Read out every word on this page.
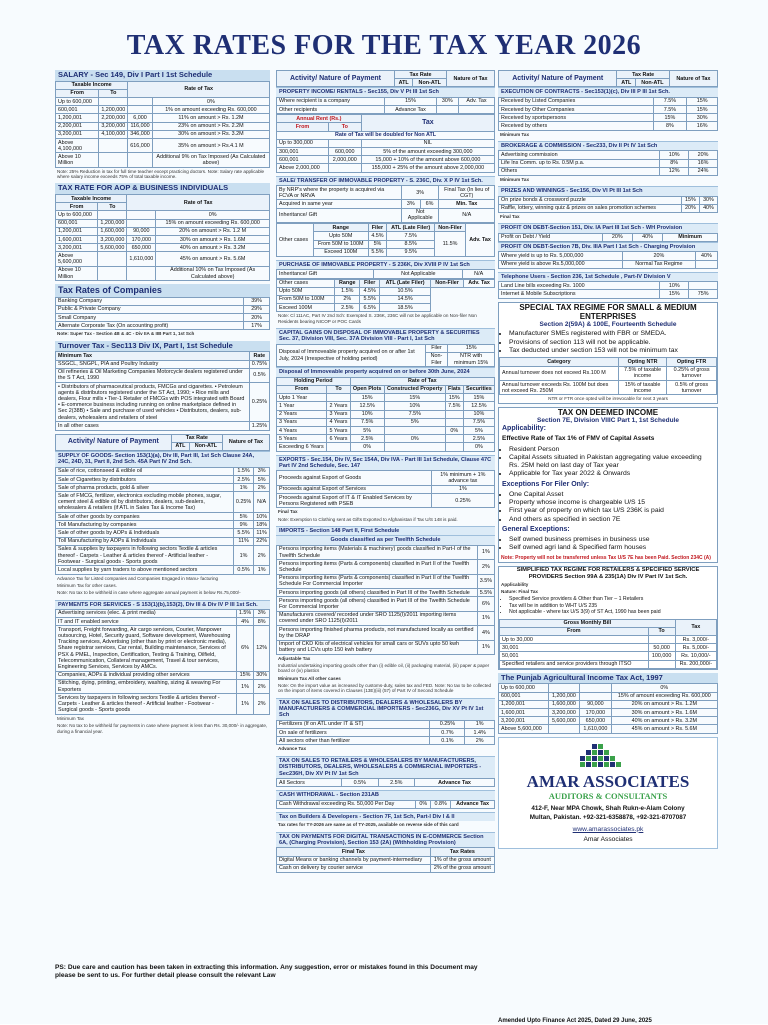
TAX RATES FOR THE TAX YEAR 2026
SALARY - Sec 149, Div I Part I 1st Schedule
Taxable Income		Rate of Tax	
From	To		
Up to 600,000			0%
600,001	1,200,000		1% on amount exceeding Rs. 600,000
1,200,001	2,200,000	6,000	11% on amount > Rs. 1.2M
2,200,001	3,200,000	116,000	23% on amount > Rs. 2.2M
3,200,001	4,100,000	346,000	30% on amount > Rs. 3.2M
Above 4,100,000		616,000	35% on amount > Rs.4.1 M
Above 10 Million			Additional 9% on Tax Imposed (As Calculated above)
Note: 25% Reduction in tax for full time teacher except practicing doctors. Note: Salary rate applicable where salary income exceeds 75% of total taxable income.
TAX RATE FOR AOP & BUSINESS INDIVIDUALS
Taxable Income		Rate of Tax	
From	To		
Up to 600,000			0%
600,001	1,200,000		15% on amount exceeding Rs. 600,000
1,200,001	1,600,000	90,000	20% on amount > Rs. 1.2 M
1,600,001	3,200,000	170,000	30% on amount > Rs. 1.6M
3,200,001	5,600,000	650,000	40% on amount > Rs. 3.2M
Above 5,600,000		1,610,000	45% on amount > Rs. 5.6M
Above 10 Million			Additional 10% on Tax Imposed (As Calculated above)
Tax Rates of Companies
Banking Company	39%
Public & Private Company	29%
Small Company	20%
Alternate Corporate Tax (On accounting profit)	17%
Note: Super Tax - Section 4B & 4C - Div IIA & IIB Part 1, 1st Sch
Turnover Tax - Sec113 Div IX, Part I, 1st Schedule
Minimum Tax	Rate
SSGCL, SNGPL, PIA and Poultry Industry	0.75%
Oil refineries & Oil Marketing Companies Motorcycle dealers registered under the S T Act, 1990	0.5%
• Distributors of pharmaceutical products, FMCGs and cigarettes. • Petroleum agents & distributors registered under the ST Act, 1990; • Rice mills and dealers, Flour mills • Tier-1 Retailer of FMCGs with POS integrated with Board • E-commerce business including running on online marketplace defined in Sec 2(38B) • Sale and purchase of used vehicles • Distributors, dealers, sub-dealers, wholesalers and retailers of steel	0.25%
In all other cases	1.25%
Activity/ Nature of Payment	Tax Rate		Nature of Tax
	ATL	Non-ATL	
SUPPLY OF GOODS- Section 153(1)(a), Div III, Part III, 1st Sch Clause 24A, 24C, 24D, 31, Part II, 2nd Sch. 45A Part IV 2nd Sch.
Sale of rice, cottonseed & edible oil	1.5%	3%
Sale of Cigarettes by distributors	2.5%	5%
Sale of pharma products, gold & silver	1%	2%
Sale of FMCG, fertilizer, electronics excluding mobile phones, sugar, cement steel & edible oil by distributors, dealers, sub-dealers, wholesalers & retailers (if ATL in Sales Tax & Income Tax)	0.25%	N/A
Sale of other goods by companies	5%	10%
Toll Manufacturing by companies	9%	18%
Sale of other goods by AOPs & Individuals	5.5%	11%
Toll Manufacturing by AOPs & Individuals	11%	22%
Sales & supplies by taxpayers in following sectors Textile & articles thereof - Carpets - Leather & articles thereof - Artificial leather - Footwear - Surgical goods - Sports goods	1%	2%
Local supplies by yarn traders to above mentioned sectors	0.5%	1%
Advance Tax for Listed companies and Companies Engaged in Manu- facturing
Minimum Tax for other cases.
Note: No tax to be withheld in case where aggregate annual payment is below Rs.75,000/-
PAYMENTS FOR SERVICES - S 153(1)(b),153(2), Div III & Div IV P III 1st Sch.
Advertising services (elec. & print media)	1.5%	3%
IT and IT enabled service	4%	8%
Transport, Freight forwarding, Air cargo services, Courier, Manpower outsourcing, Hotel, Security guard, Software development, Warehousing Tracking services, Advertising (other than by print or electronic media), Share registrar services, Car rental, Building maintenance, Services of PSX & PMEL, Inspection, Certification, Testing & Training, Oilfield, Telecommunication, Collateral management, Travel & tour services, Engineering Services, Services by AMCs.	6%	12%
Companies, AOPs & individual providing other services	15%	30%
Stitching, dying, printing, embroidery, washing, sizing & weaving For Exporters	1%	2%
Services by taxpayers in following sectors Textile & articles thereof - Carpets - Leather & articles thereof - Artificial leather - Footwear - Surgical goods - Sports goods	1%	2%
Minimum Tax
Note: No tax to be withheld for payments in case where payment is less than Rs. 30,000/- in aggregate, during a financial year.
Activity/ Nature of Payment	Tax Rate		Nature of Tax
	ATL	Non-ATL	
PROPERTY INCOME/ RENTALS - Sec155, Div V Pt III 1st Sch
Where recipient is a company	15%	30%	Adv. Tax
Other recipients	Advance Tax		
Annual Rent (Rs.)		Tax
From	To	
Rate of Tax will be doubled for Non ATL		
Up to 300,000		NIL
300,001	600,000	5% of the amount exceeding 300,000
600,001	2,000,000	15,000 + 10% of the amount above 600,000
Above 2,000,000		155,000 + 25% of the amount above 2,000,000
SALE/ TRANSFER OF IMMOVABLE PROPERTY - S. 236C, Div. X P IV 1st Sch.
By NRP's where the property is acquired via FCVA or NRVA	3%		Final Tax (In lieu of CGT)
Acquired in same year	3%	6%	Min. Tax
Inheritance/ Gift	Not Applicable		N/A
Other cases	Range	Filer	ATL (Late Filer)	Non-Filer	Adv. Tax
	Upto 50M	4.5%	7.5%	11.5%	
	From 50M to 100M	5%	8.5%		
	Exceed 100M	5.5%	9.5%		
PURCHASE OF IMMOVABLE PROPERTY - S 236K, Div XVIII P IV 1st Sch
Inheritance/ Gift	Not Applicable	N/A
Other cases	Range	Filer	ATL (Late Filer)	Non-Filer	Adv. Tax
Upto 50M	1.5%	4.5%	10.5%		
From 50M to 100M	2%	5.5%	14.5%		
Exceed 100M	2.5%	6.5%	18.5%		
Note: Cl 111AC, Part IV 2nd Sch: Exempted S. 236K, 236C will not be applicable on Non-filer Non Residents bearing NICOP or POC Cards
CAPITAL GAINS ON DISPOSAL OF IMMOVABLE PROPERTY & SECURITIES Sec. 37, Division VIII, Sec. 37A Division VIII - Part I, 1st Sch
Disposal of Immoveable property acquired on or after 1st July, 2024 (Irrespective of holding period)	Filer	15%
	Non-Filer	NTR with minimum 15%
Disposal of Immoveable property acquired on or before 30th June, 2024
Holding Period		Rate of Tax			
From	To	Open Plots	Constructed Property	Flats	Securities
Upto 1 Year		15%	15%	15%	15%
1 Year	2 Years	12.5%	10%	7.5%	12.5%
2 Years	3 Years	10%	7.5%		10%
3 Years	4 Years	7.5%	5%		7.5%
4 Years	5 Years	5%		0%	5%
5 Years	6 Years	2.5%	0%		2.5%
Exceeding 6 Years		0%			0%
EXPORTS - Sec.154, Div IV, Sec 154A, Div IVA - Part III 1st Schedule, Clause 47C Part IV 2nd Schedule, Sec. 147
Proceeds against Export of Goods	1% minimum + 1% advance tax
Proceeds against Export of Services	1%
Proceeds against Export of IT & IT Enabled Services by Persons Registered with PSEB	0.25%
Final Tax
Note: Exemption to Clothing sent as Gifts Exported to Afghanistan if Tax U/S 148 is paid.
IMPORTS - Section 148 Part II, First Schedule
Goods classified as per Twelfth Schedule
Persons importing items (Materials & machinery) goods classified in Part-I of the Twelfth Schedule	1%
Persons importing items (Parts & components) classified in Part II of the Twelfth Schedule	2%
Persons importing items (Parts & components) classified in Part II of the Twelfth Schedule For Commercial Importer	3.5%
Persons importing goods (all others) classified in Part III of the Twelfth Schedule	5.5%
Persons importing goods (all others) classified in Part III of the Twelfth Schedule For Commercial Importer	6%
Manufacturers covered/ recorded under SRO 1125(I)/2011 importing items covered under SRO 1125(I)/2011	1%
Persons importing finished pharma products, not manufactured locally as certified by the DRAP	4%
Import of CKD Kits of electrical vehicles for small cars or SUVs upto 50 kwh battery and LCVs upto 150 kwh battery	1%
Adjustable Tax
Industrial undertaking importing goods other than (i) edible oil, (ii) packaging material, (iii) paper & paper board or (iv) plastics
Minimum Tax All other cases
Note: On the import value as increased by customs-duty, sales tax and FED. Note: No tax to be collected on the import of items covered in Clauses (13E)(iii) (57) of Part IV of Second Schedule
TAX ON SALES TO DISTRIBUTORS, DEALERS & WHOLESALERS BY MANUFACTURERS & COMMERCIAL IMPORTERS - Sec236G, Div XV Pt IV 1st Sch
Fertilizers (If on ATL under IT & ST)	0.25%	1%
On sale of fertilizers	0.7%	1.4%
All sectors other than fertilizer	0.1%	2%
Advance Tax
TAX ON SALES TO RETAILERS & WHOLESALERS BY MANUFACTURERS, DISTRIBUTORS, DEALERS, WHOLESALERS & COMMERCIAL IMPORTERS - Sec236H, Div XV Pt IV 1st Sch
All Sectors	0.5%	2.5%	Advance Tax
CASH WITHDRAWAL - Section 231AB
Cash Withdrawal exceeding Rs. 50,000 Per Day	0%	0.8%	Advance Tax
Tax on Builders & Developers - Section 7F, 1st Sch, Part-I Div I & II
Tax rates for TY-2026 are same as of TY-2025, available on reverse side of this card
TAX ON PAYMENTS FOR DIGITAL TRANSACTIONS IN E-COMMERCE Section 6A, (Charging Provision), Section 153 (2A) (Withholding Provision)
Final Tax	Tax Rates
Digital Means or banking channels by payment-intermediary	1% of the gross amount
Cash on delivery by courier service	2% of the gross amount
Activity/ Nature of Payment	Tax Rate		Nature of Tax
	ATL	Non-ATL	
EXECUTION OF CONTRACTS - Sec153(1)(c), Div III P III 1st Sch.
Received by Listed Companies	7.5%	15%
Received by Other Companies	7.5%	15%
Received by sportspersons	15%	30%
Received by others	8%	16%
Minimum Tax
BROKERAGE & COMMISSION - Sec233, Div II Pt IV 1st Sch
Advertising commission	10%	20%
Life Ins Comm. up to Rs. 0.5M p.a.	8%	16%
Others	12%	24%
Minimum Tax
PRIZES AND WINNINGS - Sec156, Div VI Pt III 1st Sch
On prize bonds & crossword puzzle	15%	30%
Raffle, lottery, winning quiz & prizes on sales promotion schemes	20%	40%
Final Tax
PROFIT ON DEBT-Section 151, Div. IA Part III 1st Sch - WH Provision
Profit on Debt / Yield	20%	40%	Minimum
PROFIT ON DEBT-Section 7B, Div. IIIA Part I 1st Sch - Charging Provision
Where yield is up to Rs. 5,000,000	20%	40%
Where yield is above Rs.5,000,000	Normal Tax Regime	
Telephone Users - Section 236, 1st Schedule , Part-IV Division V
Land Line bills exceeding Rs. 1000	10%	
Internet & Mobile Subscriptions	15%	75%
SPECIAL TAX REGIME FOR SMALL & MEDIUM ENTERPRISES
Section 2(59A) & 100E, Fourteenth Schedule
• Manufacturer SMEs registered with FBR or SMEDA.
• Provisions of section 113 will not be applicable.
• Tax deducted under section 153 will not be minimum tax
Category	Opting NTR	Opting FTR
Annual turnover does not exceed Rs.100 M	7.5% of taxable income	0.25% of gross turnover
Annual turnover exceeds Rs. 100M but does not exceed Rs. 250M	15% of taxable income	0.5% of gross turnover
NTR or FTR once opted will be irrevocable for next 3 years
TAX ON DEEMED INCOME
Section 7E, Division VIIIC Part 1, 1st Schedule
Applicability:
Effective Rate of Tax 1% of FMV of Capital Assets
• Resident Person
• Capital Assets situated in Pakistan aggregating value exceeding Rs. 25M held on last day of Tax year
• Applicable for Tax year 2022 & Onwards
Exceptions For Filer Only:
• One Capital Asset
• Property whose income is chargeable U/S 15
• First year of property on which tax U/S 236K is paid
• And others as specified in section 7E
General Exceptions:
• Self owned business premises in business use
• Self owned agri land & Specified farm houses
Note: Property will not be transferred unless Tax U/S 7E has been Paid. Section 234C (A)
SIMPLIFIED TAX REGIME FOR RETAILERS & SPECIFIED SERVICE PROVIDERS Section 99A & 235(1A) Div IV Part IV 1st Sch.
Applicability
Nature: Final Tax
• Specified Service providers & Other than Tier – 1 Retailers
• Tax will be in addition to WHT U/S 235
• Not applicable - where tax U/S 3(9) of ST Act, 1990 has been paid
Gross Monthly Bill		Tax
From	To	
Up to 30,000		Rs. 3,000/-
30,001	50,000	Rs. 5,000/-
50,001	100,000	Rs. 10,000/-
Specified retailers and service providers through ITSO		Rs. 200,000/-
The Punjab Agricultural Income Tax Act, 1997
Up to 600,000			0%
600,001	1,200,000		15% of amount exceeding Rs. 600,000
1,200,001	1,600,000	90,000	20% on amount > Rs. 1.2M
1,600,001	3,200,000	170,000	30% on amount > Rs. 1.6M
3,200,001	5,600,000	650,000	40% on amount > Rs. 3.2M
Above 5,600,000		1,610,000	45% on amount > Rs. 5.6M
AMAR ASSOCIATES
AUDITORS & CONSULTANTS
412-F, Near MPA Chowk, Shah Rukn-e-Alam Colony
Multan, Pakistan. +92-321-6358878, +92-321-8707087
www.amarassociates.pk
Amar Associates
PS: Due care and caution has been taken in extracting this information. Any suggestion, error or mistakes found in this Document may please be sent to us. For further detail please consult the relevant Law
Amended Upto Finance Act 2025, Dated 29 June, 2025
